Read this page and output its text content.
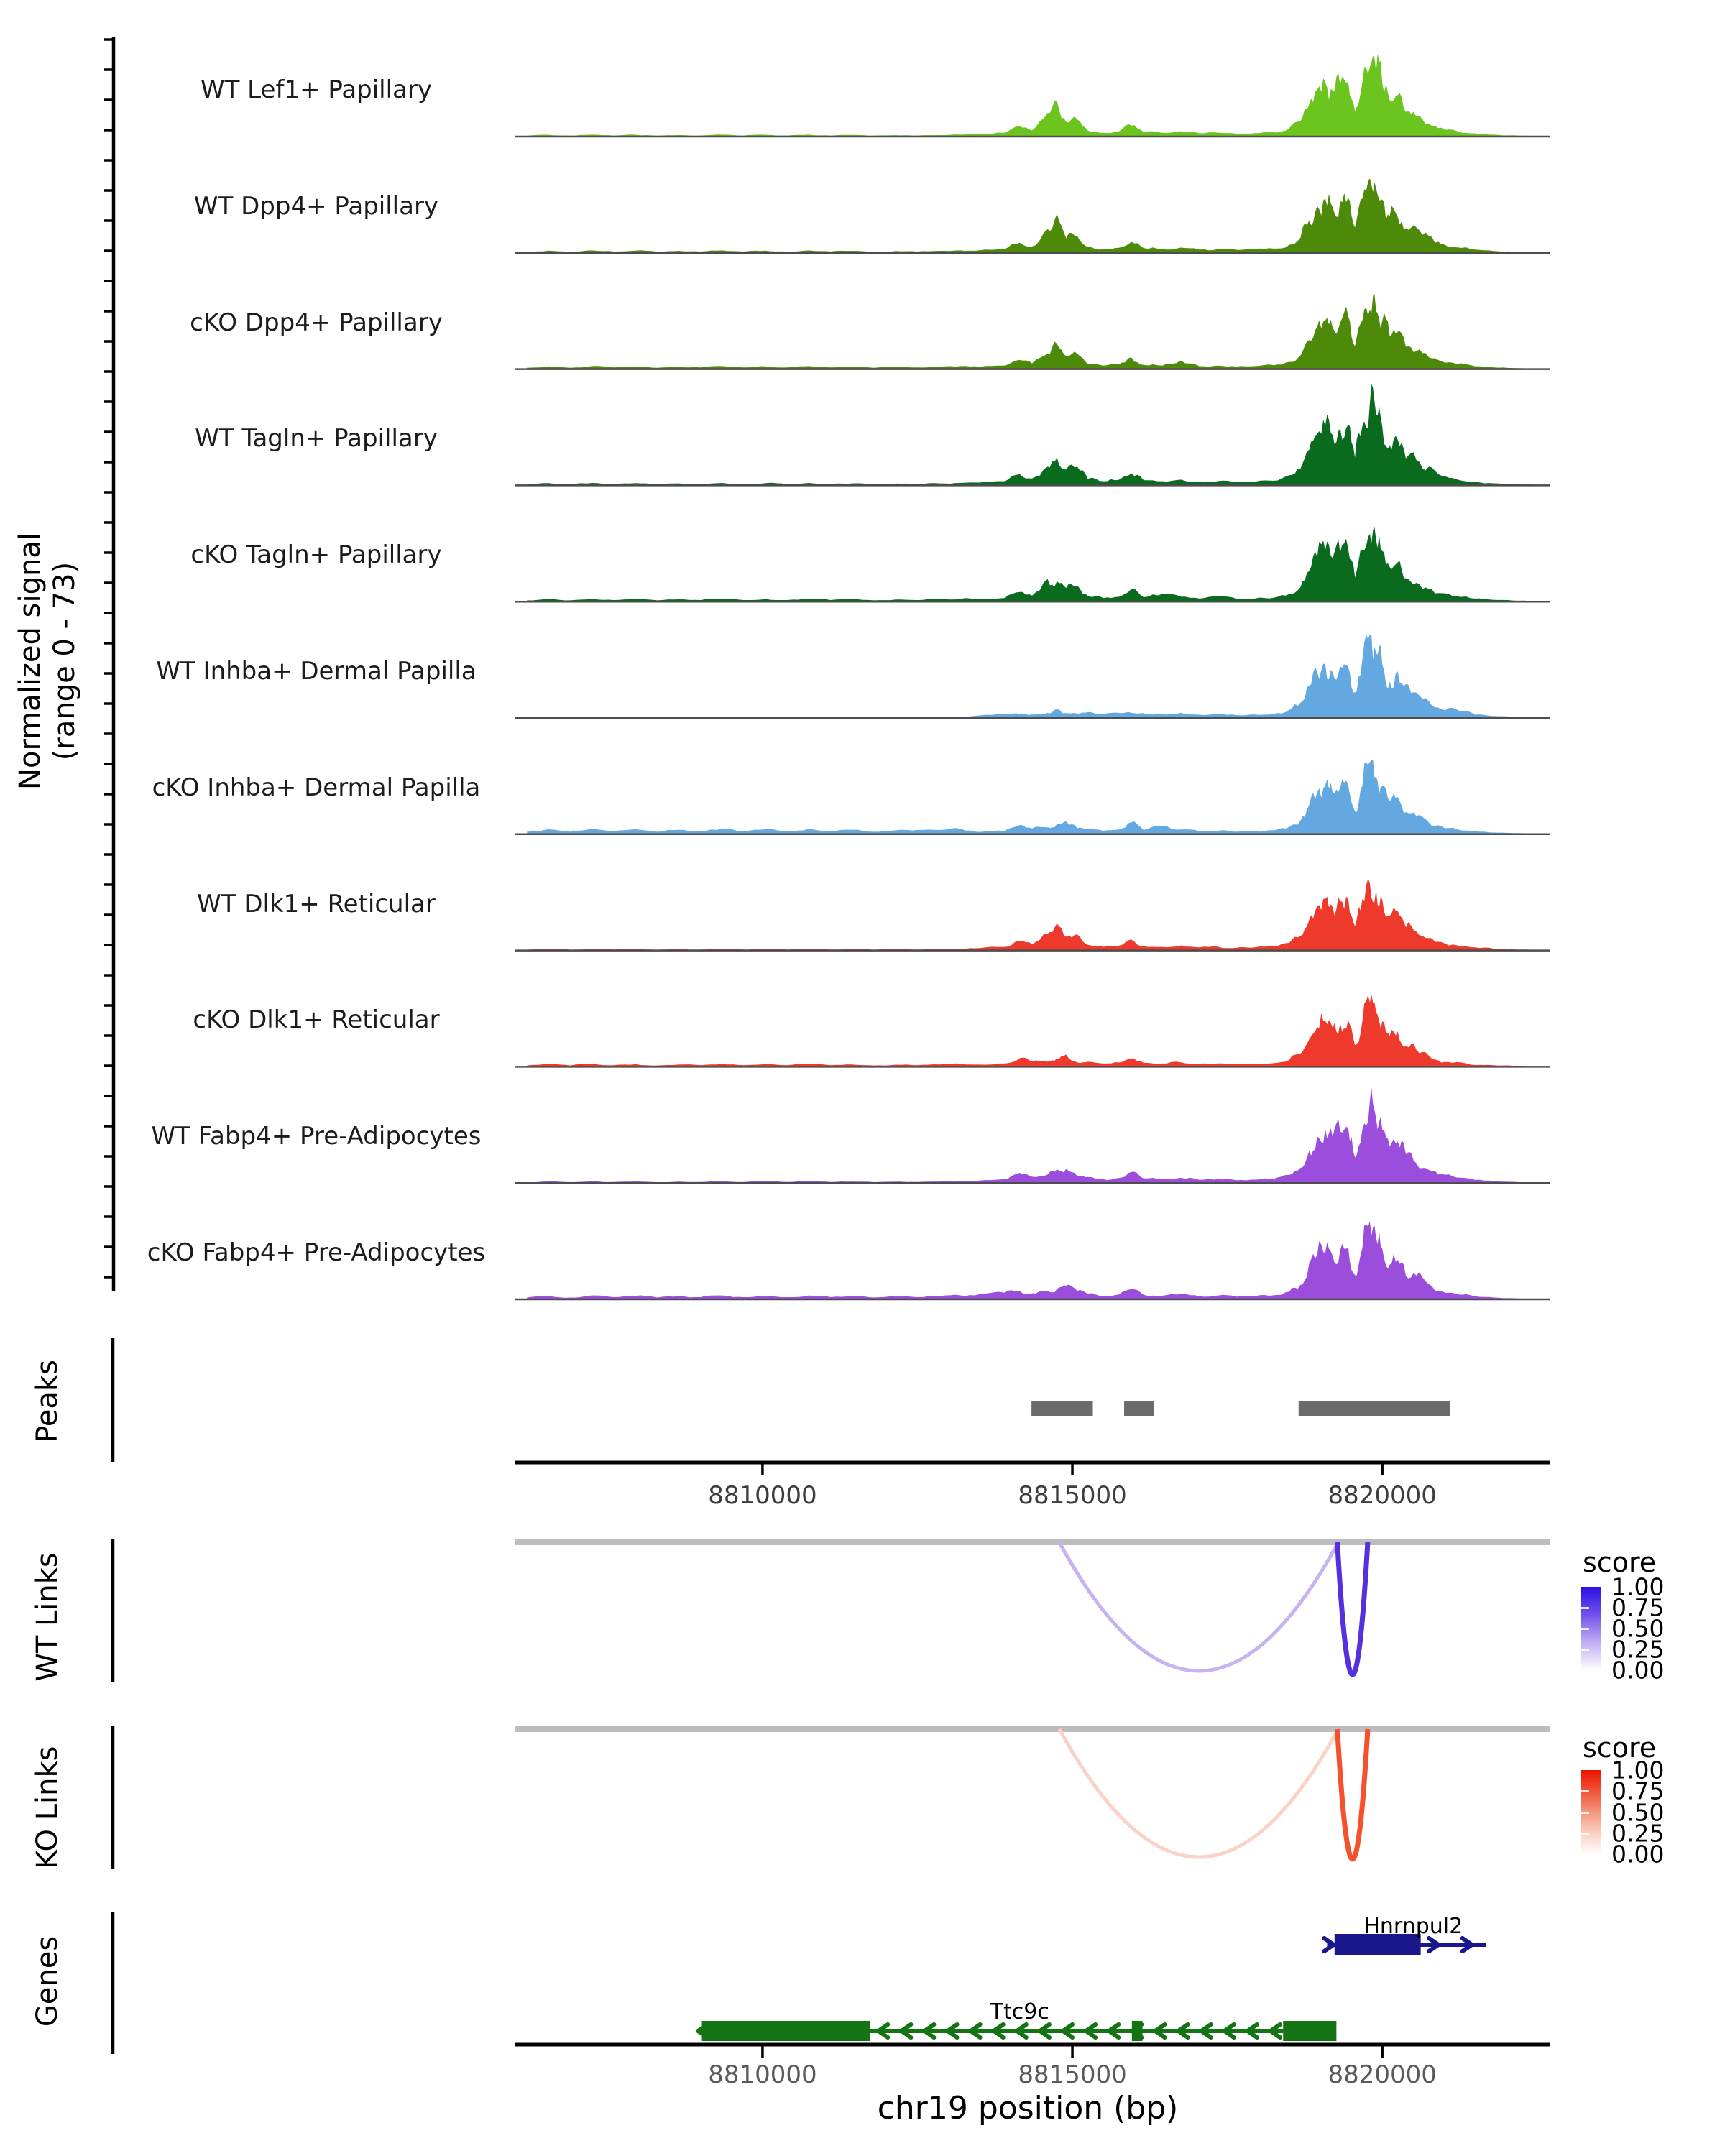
Normalized signal (range 0 - 73)
WT Lef1+ Papillary
WT Dpp4+ Papillary
cKO Dpp4+ Papillary
WT Tagln+ Papillary
cKO Tagln+ Papillary
WT Inhba+ Dermal Papilla
cKO Inhba+ Dermal Papilla
WT Dlk1+ Reticular
cKO Dlk1+ Reticular
WT Fabp4+ Pre-Adipocytes
cKO Fabp4+ Pre-Adipocytes
Peaks
WT Links
KO Links
Genes
score
1.00
0.75
0.50
0.25
0.00
score
1.00
0.75
0.50
0.25
0.00
chr19 position (bp)
8810000	8815000	8820000
8810000	8815000	8820000
Hnrnpul2
Ttc9c
